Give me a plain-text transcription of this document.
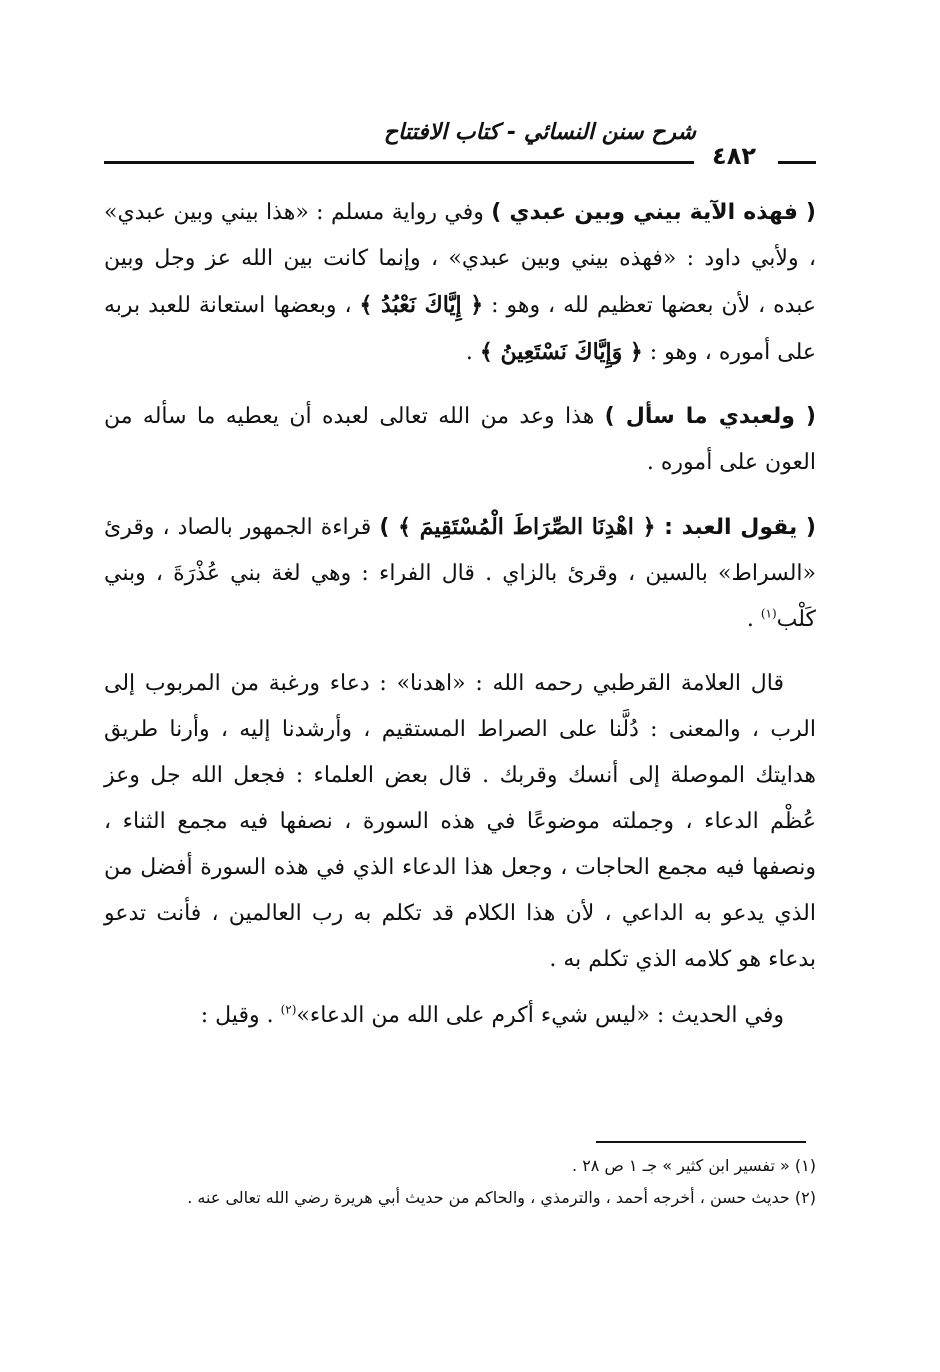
شرح سنن النسائي - كتاب الافتتاح
٤٨٢

( فهذه الآية بيني وبين عبدي ) وفي رواية مسلم : «هذا بيني وبين عبدي» ، ولأبي داود : «فهذه بيني وبين عبدي» ، وإنما كانت بين الله عز وجل وبين عبده ، لأن بعضها تعظيم لله ، وهو : ﴿ إِيَّاكَ نَعْبُدُ ﴾ ، وبعضها استعانة للعبد بربه على أموره ، وهو : ﴿ وَإِيَّاكَ نَسْتَعِينُ ﴾ .

( ولعبدي ما سأل ) هذا وعد من الله تعالى لعبده أن يعطيه ما سأله من العون على أموره .

( يقول العبد : ﴿ اهْدِنَا الصِّرَاطَ الْمُسْتَقِيمَ ﴾ ) قراءة الجمهور بالصاد ، وقرئ «السراط» بالسين ، وقرئ بالزاي . قال الفراء : وهي لغة بني عُذْرَةَ ، وبني كَلْب$^{(١)}$ .

قال العلامة القرطبي رحمه الله : «اهدنا» : دعاء ورغبة من المربوب إلى الرب ، والمعنى : دُلَّنا على الصراط المستقيم ، وأرشدنا إليه ، وأرنا طريق هدايتك الموصلة إلى أنسك وقربك . قال بعض العلماء : فجعل الله جل وعز عُظْم الدعاء ، وجملته موضوعًا في هذه السورة ، نصفها فيه مجمع الثناء ، ونصفها فيه مجمع الحاجات ، وجعل هذا الدعاء الذي في هذه السورة أفضل من الذي يدعو به الداعي ، لأن هذا الكلام قد تكلم به رب العالمين ، فأنت تدعو بدعاء هو كلامه الذي تكلم به .

وفي الحديث : «ليس شيء أكرم على الله من الدعاء»$^{(٢)}$ . وقيل :

(١) « تفسير ابن كثير » جـ ١ ص ٢٨ .

(٢) حديث حسن ، أخرجه أحمد ، والترمذي ، والحاكم من حديث أبي هريرة رضي الله تعالى عنه .
